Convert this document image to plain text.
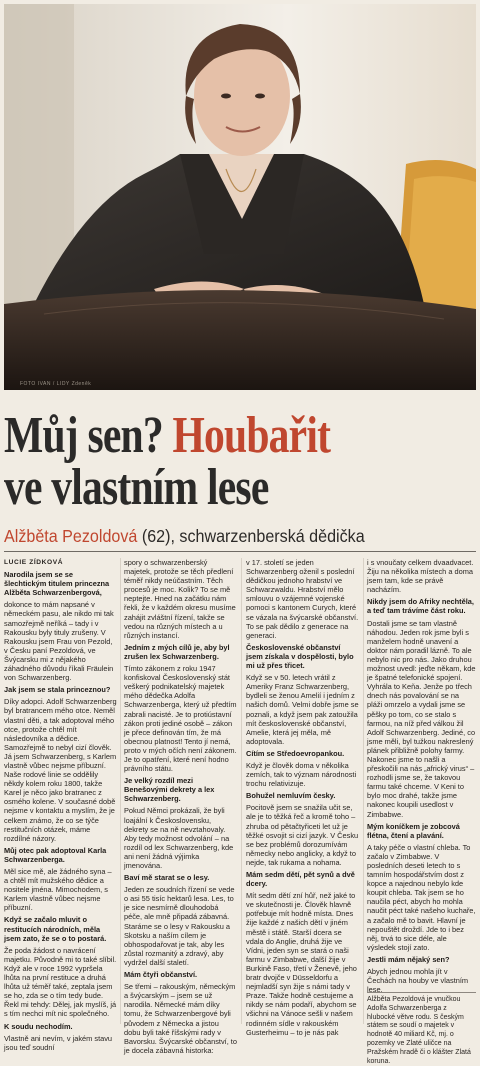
FOTO IVAN / LIDY Zdeněk
Můj sen? Houbařit
ve vlastním lese
Alžběta Pezoldová (62), schwarzenberská dědička
LUCIE ZÍDKOVÁ

Narodila jsem se se šlechtickým titulem princezna Alžběta Schwarzenbergová,

dokonce to mám napsané v německém pasu, ale nikdo mi tak samozřejmě neříká – tady i v Rakousku byly tituly zrušeny. V Rakousku jsem Frau von Pezold, v Česku paní Pezoldová, ve Švýcarsku mi z nějakého záhadného důvodu říkali Fräulein von Schwarzenberg.

Jak jsem se stala princeznou?

Díky adopci. Adolf Schwarzenberg byl bratrancem mého otce. Neměl vlastní děti, a tak adoptoval mého otce, protože chtěl mít následovníka a dědice. Samozřejmě to nebyl cizí člověk. Já jsem Schwarzenberg, s Karlem vlastně vůbec nejsme příbuzní. Naše rodové linie se oddělily někdy kolem roku 1800, takže Karel je něco jako bratranec z osmého kolene. V současné době nejsme v kontaktu a myslím, že je celkem známo, že co se týče restitučních otázek, máme rozdílné názory.

Můj otec pak adoptoval Karla Schwarzenberga.

Měl sice mě, ale žádného syna – a chtěl mít mužského dědice a nositele jména. Mimochodem, s Karlem vlastně vůbec nejsme příbuzní.

Když se začalo mluvit o restitucích národních, měla jsem zato, že se o to postará.

Že poda žádost o navrácení majetku. Původně mi to také slíbil. Když ale v roce 1992 vypršela lhůta na první restituce a druhá lhůta už téměř také, zeptala jsem se ho, zda se o tím tedy bude. Řekl mi tehdy: Dělej, jak myslíš, já s tím nechci mít nic společného.

K soudu nechodím.

Vlastně ani nevím, v jakém stavu jsou teď soudní

spory o schwarzenberský majetek, protože se těch předlení téměř nikdy neúčastním. Těch procesů je moc. Kolik? To se mě neptejte. Hned na začátku nám řekli, že v každém okresu musíme zahájit zvláštní řízení, takže se vedou na různých místech a u různých instancí.

Jedním z mých cílů je, aby byl zrušen lex Schwarzenberg.

Tímto zákonem z roku 1947 konfiskoval Československý stát veškerý podnikatelský majetek mého dědečka Adolfa Schwarzenberga, který už předtím zabrali nacisté. Je to protiústavní zákon proti jediné osobě – zákon je přece definován tím, že má obecnou platnost! Tento jí nemá, proto v mých očích není zákonem. Je to opatření, které není hodno právního státu.

Je velký rozdíl mezi Benešovými dekrety a lex Schwarzenberg.

Pokud Němci prokázali, že byli loajální k Československu, dekrety se na ně nevztahovaly. Aby tedy možnost odvolání – na rozdíl od lex Schwarzenberg, kde ani není žádná výjimka jmenována.

Baví mě starat se o lesy.

Jeden ze soudních řízení se vede o asi 55 tisíc hektarů lesa. Les, to je sice nesmírně dlouhodobá péče, ale mně připadá zábavná. Staráme se o lesy v Rakousku a Skotsku a naším cílem je obhospodařovat je tak, aby les zůstal rozmanitý a zdravý, aby vydržel další staletí.

Mám čtyři občanství.

Se třemi – rakouským, německým a švýcarským – jsem se už narodila. Německé mám díky tomu, že Schwarzenbergové byli původem z Německa a jistou dobu byli také říšskými rady v Bavorsku. Švýcarské občanství, to je docela zábavná historka:

v 17. století se jeden Schwarzenberg oženil s poslední dědičkou jednoho hrabství ve Schwarzwaldu. Hrabství mělo smlouvu o vzájemné vojenské pomoci s kantonem Curych, které se vázala na švýcarské občanství. To se pak dědilo z generace na generaci.

Československé občanství jsem získala v dospělosti, bylo mi už přes třicet.

Když se v 50. letech vrátil z Ameriky Franz Schwarzenberg, bydleli se ženou Amelií i jedním z našich domů. Velmi dobře jsme se poznali, a když jsem pak zatoužila mít československé občanství, Amelie, která jej měla, mě adoptovala.

Cítím se Středoevropankou.

Když je člověk doma v několika zemích, tak to význam národnosti trochu relativizuje.

Bohužel nemluvím česky.

Pocitově jsem se snažila učit se, ale je to těžká řeč a kromě toho – zhruba od pětačtyřiceti let už je těžké osvojit si cizí jazyk. V Česku se bez problémů dorozumívám německy nebo anglicky, a když to nejde, tak rukama a nohama.

Mám sedm dětí, pět synů a dvě dcery.

Mít sedm dětí zní hůř, než jaké to ve skutečnosti je. Člověk hlavně potřebuje mít hodně místa. Dnes žije každé z našich dětí v jiném městě i státě. Starší dcera se vdala do Anglie, druhá žije ve Vídni, jeden syn se stará o naši farmu v Zimbabwe, další žije v Burkině Faso, třetí v Ženevě, jeho bratr dvojče v Düsseldorfu a nejmladší syn žije s námi tady v Praze. Takže hodně cestujeme a nikdy se nám podaří, abychom se všichni na Vánoce sešli v našem rodinném sídle v rakouském Gusterheimu – to je nás pak

i s vnoučaty celkem dvaadvacet. Žiju na několika místech a doma jsem tam, kde se právě nacházím.

Nikdy jsem do Afriky nechtěla, a teď tam trávíme část roku.

Dostali jsme se tam vlastně náhodou. Jeden rok jsme byli s manželem hodně unavení a doktor nám poradil lázně. To ale nebylo nic pro nás. Jako druhou možnost uvedl: jeďte někam, kde je špatné telefonické spojení. Vyhrála to Keňa. Jenže po třech dnech nás povalování se na pláži omrzelo a vydali jsme se pěšky po tom, co se stalo s farmou, na níž před válkou žil Adolf Schwarzenberg. Jediné, co jsme měli, byl tužkou nakreslený plánek přibližně polohy farmy. Nakonec jsme to našli a přeskočili na nás „africký virus“ – rozhodli jsme se, že takovou farmu také chceme. V Keni to bylo moc drahé, takže jsme nakonec koupili usedlost v Zimbabwe.

Mým koníčkem je zobcová flétna, čtení a plavání.

A taky péče o vlastní chleba. To začalo v Zimbabwe. V posledních deseti letech to s tamním hospodářstvím dost z kopce a najednou nebylo kde koupit chleba. Tak jsem se ho naučila péct, abych ho mohla naučit péct také našeho kuchaře, a začalo mě to bavit. Hlavní je nepouštět droždí. Jde to i bez něj, trvá to sice déle, ale výsledek stojí zato.

Jestli mám nějaký sen?

Abych jednou mohla jít v Čechách na houby ve vlastním lese.

Alžběta Pezoldová je vnučkou Adolfa Schwarzenberga z hlubocké větve rodu. S českým státem se soudí o majetek v hodnotě 40 miliard Kč, mj. o pozemky ve Zlaté uličce na Pražském hradě či o klášter Zlatá koruna.
